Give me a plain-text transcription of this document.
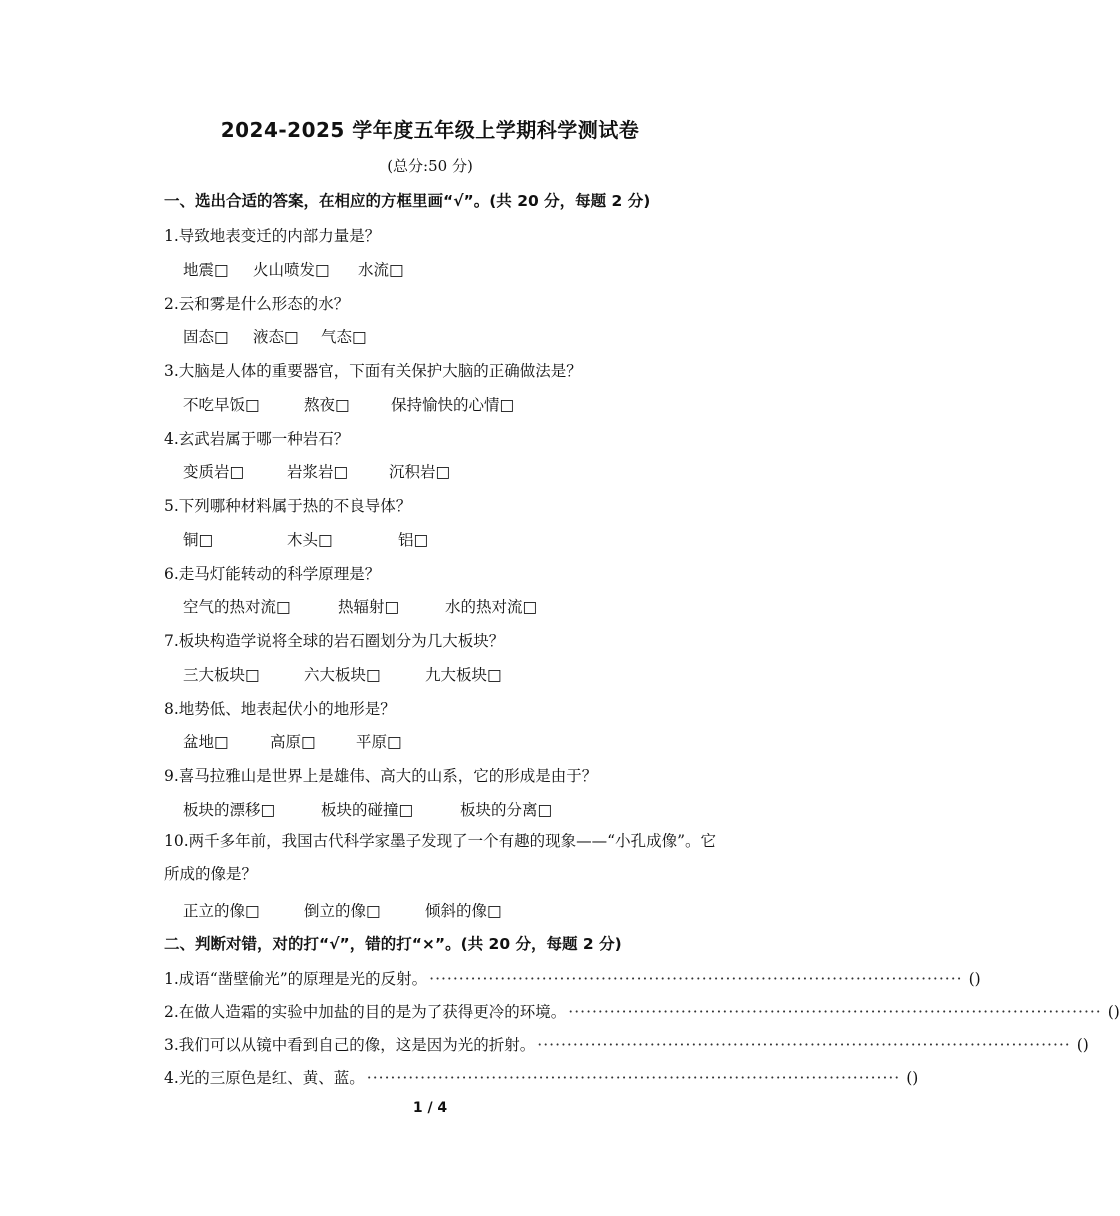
2024-2025 学年度五年级上学期科学测试卷
(总分:50 分)
一、选出合适的答案，在相应的方框里画“√”。(共 20 分，每题 2 分)
1.导致地表变迁的内部力量是？
地震□ 火山喷发□ 水流□
2.云和雾是什么形态的水？
固态□ 液态□ 气态□
3.大脑是人体的重要器官，下面有关保护大脑的正确做法是？
不吃早饭□	熬夜□	保持愉快的心情□
4.玄武岩属于哪一种岩石？
变质岩□	岩浆岩□	沉积岩□
5.下列哪种材料属于热的不良导体？
铜□	木头□	铝□
6.走马灯能转动的科学原理是？
空气的热对流□	热辐射□	水的热对流□
7.板块构造学说将全球的岩石圈划分为几大板块？
三大板块□	六大板块□	九大板块□
8.地势低、地表起伏小的地形是？
盆地□	高原□	平原□
9.喜马拉雅山是世界上是雄伟、高大的山系，它的形成是由于？
板块的漂移□	板块的碰撞□	板块的分离□
10.两千多年前，我国古代科学家墨子发现了一个有趣的现象——“小孔成像”。它所成的像是？
正立的像□	倒立的像□	倾斜的像□
二、判断对错，对的打“√”，错的打“×”。(共 20 分，每题 2 分)
1.成语“凿壁偷光”的原理是光的反射。 ·························································································· ( )
2.在做人造霜的实验中加盐的目的是为了获得更冷的环境。 ·························································································· ( )
3.我们可以从镜中看到自己的像，这是因为光的折射。 ·························································································· ( )
4.光的三原色是红、黄、蓝。 ·························································································· ( )
1 / 4
